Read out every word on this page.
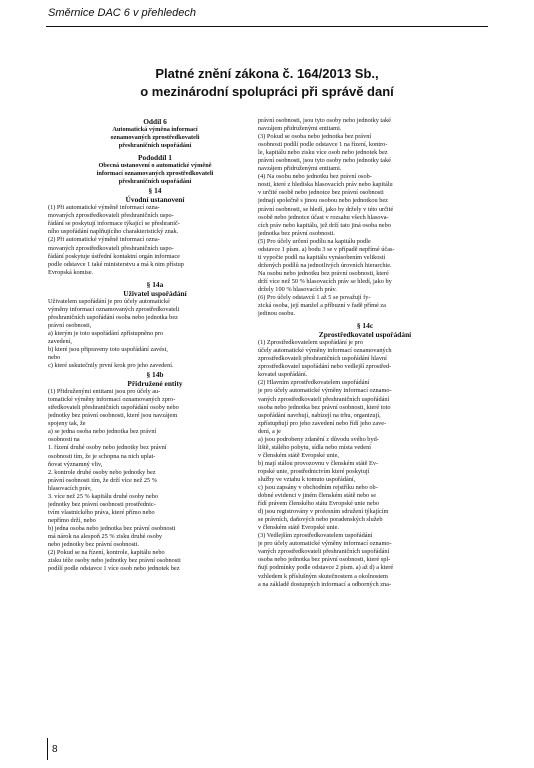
Směrnice DAC 6 v přehledech
Platné znění zákona č. 164/2013 Sb.,
o mezinárodní spolupráci při správě daní
Oddíl 6
Automatická výměna informací
oznamovaných zprostředkovateli
přeshraničních uspořádání
Pododdíl 1
Obecná ustanovení o automatické výměně
informací oznamovaných zprostředkovateli
přeshraničních uspořádání
§ 14
Úvodní ustanovení
(1) Při automatické výměně informací ozna-
movaných zprostředkovateli přeshraničních uspo-
řádání se poskytují informace týkající se přeshranič-
ního uspořádání naplňujícího charakteristický znak.
(2) Při automatické výměně informací ozna-
movaných zprostředkovateli přeshraničních uspo-
řádání poskytuje ústřední kontaktní orgán informace
podle odstavce 1 také ministerstvu a má k nim přístup
Evropská komise.
§ 14a
Uživatel uspořádání
Uživatelem uspořádání je pro účely automatické
výměny informací oznamovaných zprostředkovateli
přeshraničních uspořádání osoba nebo jednotka bez
právní osobnosti,
a) kterým je toto uspořádání zpřístupněno pro
zavedení,
b) které jsou připraveny toto uspořádání zavést,
nebo
c) které uskutečnily první krok pro jeho zavedení.
§ 14b
Přidružené entity
(1) Přidruženými entitami jsou pro účely au-
tomatické výměny informací oznamovaných zpro-
středkovateli přeshraničních uspořádání osoby nebo
jednotky bez právní osobnosti, které jsou navzájem
spojeny tak, že
a) se jedna osoba nebo jednotka bez právní
osobnosti na
1. řízení druhé osoby nebo jednotky bez právní
osobnosti tím, že je schopna na nich uplat-
ňovat významný vliv,
2. kontrole druhé osoby nebo jednotky bez
právní osobnosti tím, že drží více než 25 %
hlasovacích práv,
3. více než 25 % kapitálu druhé osoby nebo
jednotky bez právní osobnosti prostřednic-
tvím vlastnického práva, které přímo nebo
nepřímo drží, nebo
b) jedna osoba nebo jednotka bez právní osobnosti
má nárok na alespoň 25 % zisku druhé osoby
nebo jednotky bez právní osobnosti.
(2) Pokud se na řízení, kontrole, kapitálu nebo
zisku téže osoby nebo jednotky bez právní osobnosti
podílí podle odstavce 1 více osob nebo jednotek bez
právní osobnosti, jsou tyto osoby nebo jednotky také
navzájem přidruženými entitami.
(3) Pokud se osoba nebo jednotka bez právní
osobnosti podílí podle odstavce 1 na řízení, kontro-
le, kapitálu nebo zisku více osob nebo jednotek bez
právní osobnosti, jsou tyto osoby nebo jednotky také
navzájem přidruženými entitami.
(4) Na osobu nebo jednotku bez právní osob-
nosti, které z hlediska hlasovacích práv nebo kapitálu
v určité osobě nebo jednotce bez právní osobnosti
jednají společně s jinou osobou nebo jednotkou bez
právní osobnosti, se hledí, jako by držely v této určité
osobě nebo jednotce účast v rozsahu všech hlasova-
cích práv nebo kapitálu, jež drží tato jiná osoba nebo
jednotka bez právní osobnosti.
(5) Pro účely určení podílu na kapitálu podle
odstavce 1 písm. a) bodu 3 se v případě nepřímé účas-
ti vypočte podíl na kapitálu vynásobením velikostí
držených podílů na jednotlivých úrovních hierarchie.
Na osobu nebo jednotku bez právní osobnosti, které
drží více než 50 % hlasovacích práv se hledí, jako by
držely 100 % hlasovacích práv.
(6) Pro účely odstavců 1 až 5 se považují fy-
zická osoba, její manžel a příbuzní v řadě přímé za
jedinou osobu.
§ 14c
Zprostředkovatel uspořádání
(1) Zprostředkovatelem uspořádání je pro
účely automatické výměny informací oznamovaných
zprostředkovateli přeshraničních uspořádání hlavní
zprostředkovatel uspořádání nebo vedlejší zprostřed-
kovatel uspořádání.
(2) Hlavním zprostředkovatelem uspořádání
je pro účely automatické výměny informací oznamo-
vaných zprostředkovateli přeshraničních uspořádání
osoba nebo jednotka bez právní osobnosti, které toto
uspořádání navrhují, nabízejí na trhu, organizují,
zpřístupňují pro jeho zavedení nebo řídí jeho zave-
dení, a je
a) jsou podrobeny zdanění z důvodu svého byd-
liště, stálého pobytu, sídla nebo místa vedení
v členském státě Evropské unie,
b) mají stálou provozovnu v členském státě Ev-
ropské unie, prostřednictvím které poskytují
služby ve vztahu k tomuto uspořádání,
c) jsou zapsány v obchodním rejstříku nebo ob-
dobné evidenci v jiném členském státě nebo se
řídí právem členského státu Evropské unie nebo
d) jsou registrovány v profesním sdružení týkajícím
se právních, daňových nebo poradenských služeb
v členském státě Evropské unie.
(3) Vedlejším zprostředkovatelem uspořádání
je pro účely automatické výměny informací oznamo-
vaných zprostředkovateli přeshraničních uspořádání
osoba nebo jednotka bez právní osobnosti, které spl-
ňují podmínky podle odstavce 2 písm. a) až d) a které
vzhledem k příslušným skutečnostem a okolnostem
a na základě dostupných informací a odborných zna-
8
